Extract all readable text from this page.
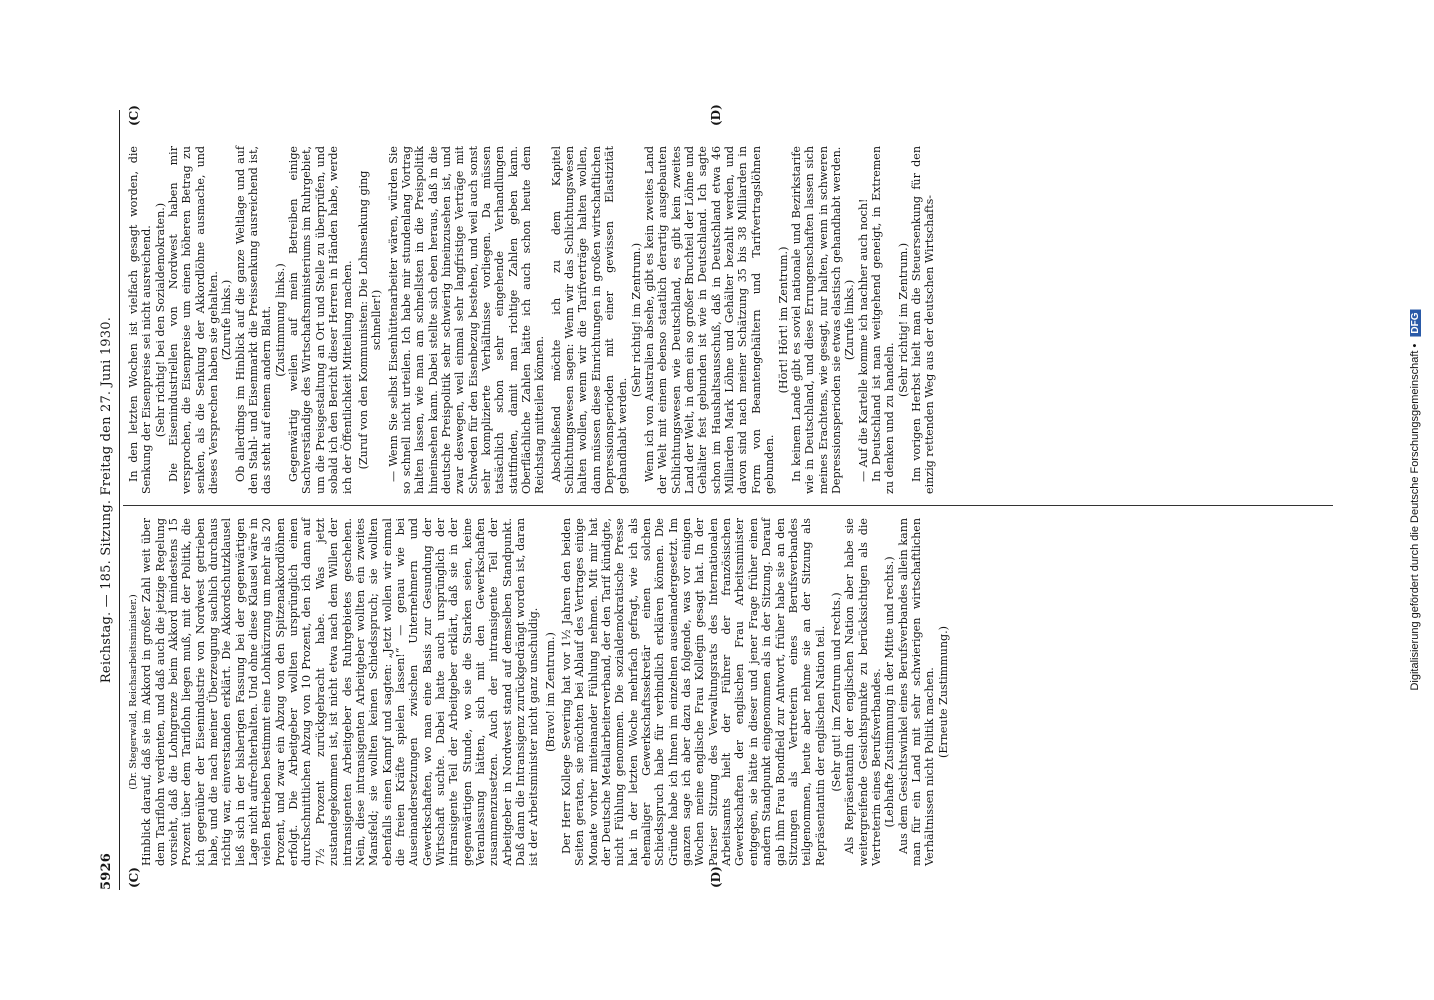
5926
Reichstag. — 185. Sitzung. Freitag den 27. Juni 1930.
(C)	(D)
(C)	(D)

(Dr. Stegerwald, Reichsarbeitsminister.) Hinblick darauf, daß sie im Akkord in großer Zahl weit über dem Tariflohn verdienten, und daß auch die jetzige Regelung vorsieht, daß die Lohngrenze beim Akkord mindestens 15 Prozent über dem Tariflohn liegen muß, mit der Politik, die ich gegenüber der Eisenindustrie von Nordwest getrieben habe, und die nach meiner Überzeugung sachlich durchaus richtig war, einverstanden erklärt. Die Akkordschutzklausel ließ sich in der bisherigen Fassung bei der gegenwärtigen Lage nicht aufrechterhalten. Und ohne diese Klausel wäre in vielen Betrieben bestimmt eine Lohnkürzung um mehr als 20 Prozent, und zwar ein Abzug von den Spitzenakkordlöhnen erfolgt. Die Arbeitgeber wollten ursprünglich einen durchschnittlichen Abzug von 10 Prozent, den ich dann auf 7½ Prozent zurückgebracht habe. Was jetzt zustandegekommen ist, ist nicht etwa nach dem Willen der intransigenten Arbeitgeber des Ruhrgebietes geschehen. Nein, diese intransigenten Arbeitgeber wollten ein zweites Mansfeld; sie wollten keinen Schiedsspruch; sie wollten ebenfalls einen Kampf und sagten: „Jetzt wollen wir einmal die freien Kräfte spielen lassen!“ — genau wie bei Auseinandersetzungen zwischen Unternehmern und Gewerkschaften, wo man eine Basis zur Gesundung der Wirtschaft suchte. Dabei hatte auch ursprünglich der intransigente Teil der Arbeitgeber erklärt, daß sie in der gegenwärtigen Stunde, wo sie die Starken seien, keine Veranlassung hätten, sich mit den Gewerkschaften zusammenzusetzen. Auch der intransigente Teil der Arbeitgeber in Nordwest stand auf demselben Standpunkt. Daß dann die Intransigenz zurückgedrängt worden ist, daran ist der Arbeitsminister nicht ganz unschuldig. (Bravo! im Zentrum.) Der Herr Kollege Severing hat vor 1½ Jahren den beiden Seiten geraten, sie möchten bei Ablauf des Vertrages einige Monate vorher miteinander Fühlung nehmen. Mit mir hat der Deutsche Metallarbeiterverband, der den Tarif kündigte, nicht Fühlung genommen. Die sozialdemokratische Presse hat in der letzten Woche mehrfach gefragt, wie ich als ehemaliger Gewerkschaftssekretär einen solchen Schiedsspruch habe für verbindlich erklären können. Die Gründe habe ich Ihnen im einzelnen auseinandergesetzt. Im ganzen sage ich aber dazu das folgende, was vor einigen Wochen meine englische Frau Kollegin gesagt hat. In der Pariser Sitzung des Verwaltungsrats des Internationalen Arbeitsamts hielt der Führer der französischen Gewerkschaften der englischen Frau Arbeitsminister entgegen, sie hätte in dieser und jener Frage früher einen andern Standpunkt eingenommen als in der Sitzung. Darauf gab ihm Frau Bondfield zur Antwort, früher habe sie an den Sitzungen als Vertreterin eines Berufsverbandes teilgenommen, heute aber nehme sie an der Sitzung als Repräsentantin der englischen Nation teil. (Sehr gut! im Zentrum und rechts.) Als Repräsentantin der englischen Nation aber habe sie weitergreifende Gesichtspunkte zu berücksichtigen als die Vertreterin eines Berufsverbandes. (Lebhafte Zustimmung in der Mitte und rechts.) Aus dem Gesichtswinkel eines Berufsverbandes allein kann man für ein Land mit sehr schwierigen wirtschaftlichen Verhältnissen nicht Politik machen. (Erneute Zustimmung.)

In den letzten Wochen ist vielfach gesagt worden, die Senkung der Eisenpreise sei nicht ausreichend. (Sehr richtig! bei den Sozialdemokraten.) Die Eisenindustriellen von Nordwest haben mir versprochen, die Eisenpreise um einen höheren Betrag zu senken, als die Senkung der Akkordlöhne ausmache, und dieses Versprechen haben sie gehalten. (Zurufe links.) Ob allerdings im Hinblick auf die ganze Weltlage und auf den Stahl- und Eisenmarkt die Preissenkung ausreichend ist, das steht auf einem andern Blatt. (Zustimmung links.) Gegenwärtig weilen auf mein Betreiben einige Sachverständige des Wirtschaftsministeriums im Ruhrgebiet, um die Preisgestaltung an Ort und Stelle zu überprüfen, und sobald ich den Bericht dieser Herren in Händen habe, werde ich der Öffentlichkeit Mitteilung machen. (Zuruf von den Kommunisten: Die Lohnsenkung ging schneller!) — Wenn Sie selbst Eisenhüttenarbeiter wären, würden Sie so schnell nicht urteilen. Ich habe mir stundenlang Vortrag halten lassen, wie man am schnellsten in die Preispolitik hineinsehen kann. Dabei stellte sich eben heraus, daß in die deutsche Preispolitik sehr schwierig hineinzusehen ist, und zwar deswegen, weil einmal sehr langfristige Verträge mit Schweden für den Eisenbezug bestehen, und weil auch sonst sehr komplizierte Verhältnisse vorliegen. Da müssen tatsächlich schon sehr eingehende Verhandlungen stattfinden, damit man richtige Zahlen geben kann. Oberflächliche Zahlen hätte ich auch schon heute dem Reichstag mitteilen können. Abschließend möchte ich zu dem Kapitel Schlichtungswesen sagen: Wenn wir das Schlichtungswesen halten wollen, wenn wir die Tarifverträge halten wollen, dann müssen diese Einrichtungen in großen wirtschaftlichen Depressionsperioden mit einer gewissen Elastizität gehandhabt werden.

(Sehr richtig! im Zentrum.) Wenn ich von Australien absehe, gibt es kein zweites Land der Welt mit einem ebenso staatlich derartig ausgebauten Schlichtungswesen wie Deutschland, es gibt kein zweites Land der Welt, in dem ein so großer Bruchteil der Löhne und Gehälter fest gebunden ist wie in Deutschland. Ich sagte schon im Haushaltsausschuß, daß in Deutschland etwa 46 Milliarden Mark Löhne und Gehälter bezahlt werden, und davon sind nach meiner Schätzung 35 bis 38 Milliarden in Form von Beamtengehältern und Tarifvertragslöhnen gebunden.

(Hört! Hört! im Zentrum.) In keinem Lande gibt es soviel nationale und Bezirkstarife wie in Deutschland, und diese Errungenschaften lassen sich meines Erachtens, wie gesagt, nur halten, wenn in schweren Depressionsperioden sie etwas elastisch gehandhabt werden. (Zurufe links.) — Auf die Kartelle komme ich nachher auch noch! In Deutschland ist man weitgehend geneigt, in Extremen zu denken und zu handeln.

(Sehr richtig! im Zentrum.) Im vorigen Herbst hielt man die Steuersenkung für den einzig rettenden Weg aus der deutschen Wirtschafts-	Digitalisierung gefördert durch die Deutsche Forschungsgemeinschaft • DFG
